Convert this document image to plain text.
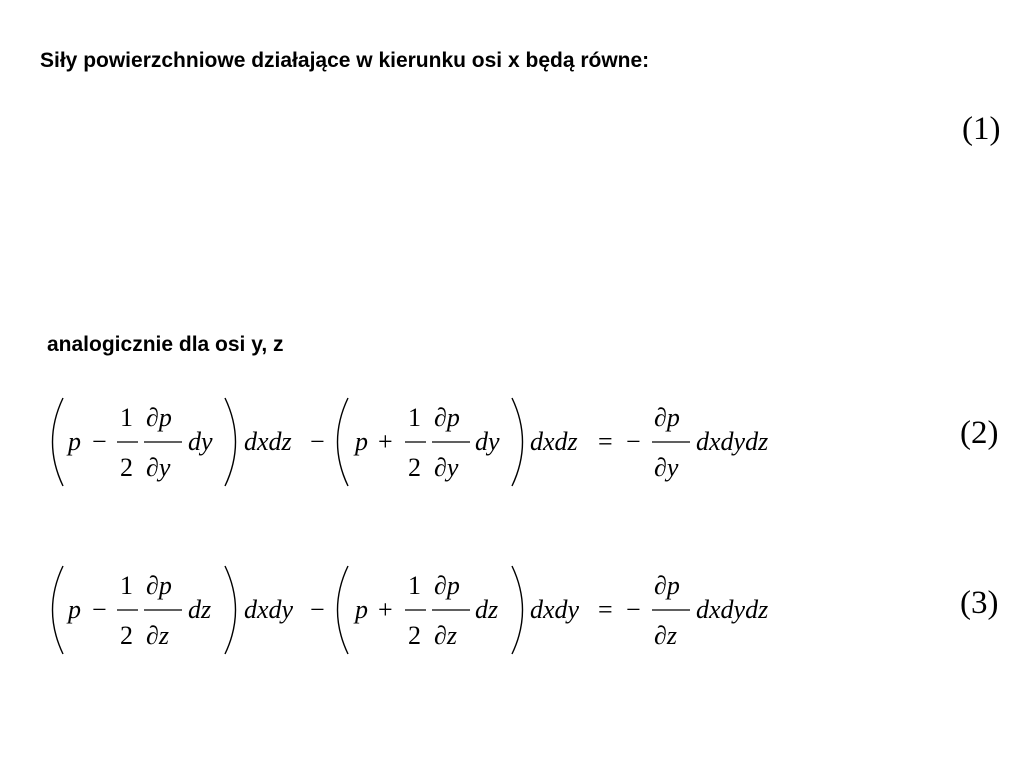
Siły powierzchniowe działające w kierunku osi x będą równe:
(1)
analogicznie dla osi y, z
p −
1
2
∂p
∂y
dy dxdz − p +
1
2
∂p
∂y
dy dxdz = −
∂p
∂y
dxdydz	(2)
p −
1
2
∂p
∂z
dz dxdy − p +
1
2
∂p
∂z
dz dxdy = −
∂p
∂z
dxdydz	(3)
